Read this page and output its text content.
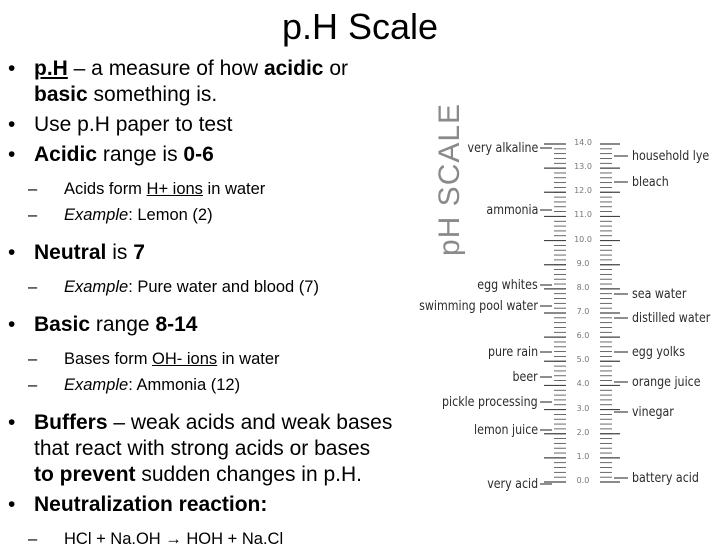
p.H Scale
• p.H – a measure of how acidic or basic something is.
• Use p.H paper to test
• Acidic range is 0-6
– Acids form H+ ions in water
– Example: Lemon (2)
• Neutral is 7
– Example: Pure water and blood (7)
• Basic range 8-14
– Bases form OH- ions in water
– Example: Ammonia (12)
• Buffers – weak acids and weak bases that react with strong acids or bases to prevent sudden changes in p.H.
• Neutralization reaction:
– HCl + Na.OH → HOH + Na.Cl
pH SCALE very alkaline
ammonia
egg whites
swimming pool water
pure rain
beer
pickle processing
lemon juice
very acid
household lye
bleach
sea water
distilled water
egg yolks
orange juice
vinegar
battery acid
14.0
13.0
12.0
11.0
10.0
9.0
8.0
7.0
6.0
5.0
4.0
3.0
2.0
1.0
0.0
